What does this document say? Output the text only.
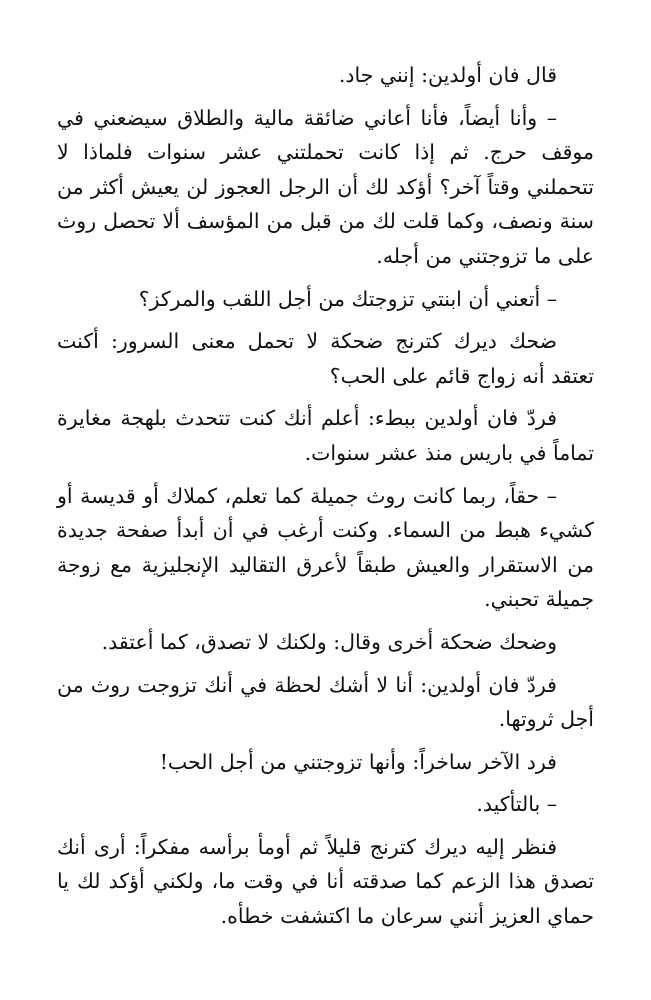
قال فان أولدين: إنني جاد.

– وأنا أيضاً، فأنا أعاني ضائقة مالية والطلاق سيضعني في موقف حرج. ثم إذا كانت تحملتني عشر سنوات فلماذا لا تتحملني وقتاً آخر؟ أؤكد لك أن الرجل العجوز لن يعيش أكثر من سنة ونصف، وكما قلت لك من قبل من المؤسف ألا تحصل روث على ما تزوجتني من أجله.

– أتعني أن ابنتي تزوجتك من أجل اللقب والمركز؟

ضحك ديرك كترنج ضحكة لا تحمل معنى السرور: أكنت تعتقد أنه زواج قائم على الحب؟

فردّ فان أولدين ببطء: أعلم أنك كنت تتحدث بلهجة مغايرة تماماً في باريس منذ عشر سنوات.

– حقاً، ربما كانت روث جميلة كما تعلم، كملاك أو قديسة أو كشيء هبط من السماء. وكنت أرغب في أن أبدأ صفحة جديدة من الاستقرار والعيش طبقاً لأعرق التقاليد الإنجليزية مع زوجة جميلة تحبني.

وضحك ضحكة أخرى وقال: ولكنك لا تصدق، كما أعتقد.

فردّ فان أولدين: أنا لا أشك لحظة في أنك تزوجت روث من أجل ثروتها.

فرد الآخر ساخراً: وأنها تزوجتني من أجل الحب!

– بالتأكيد.

فنظر إليه ديرك كترنج قليلاً ثم أومأ برأسه مفكراً: أرى أنك تصدق هذا الزعم كما صدقته أنا في وقت ما، ولكني أؤكد لك يا حماي العزيز أنني سرعان ما اكتشفت خطأه.
